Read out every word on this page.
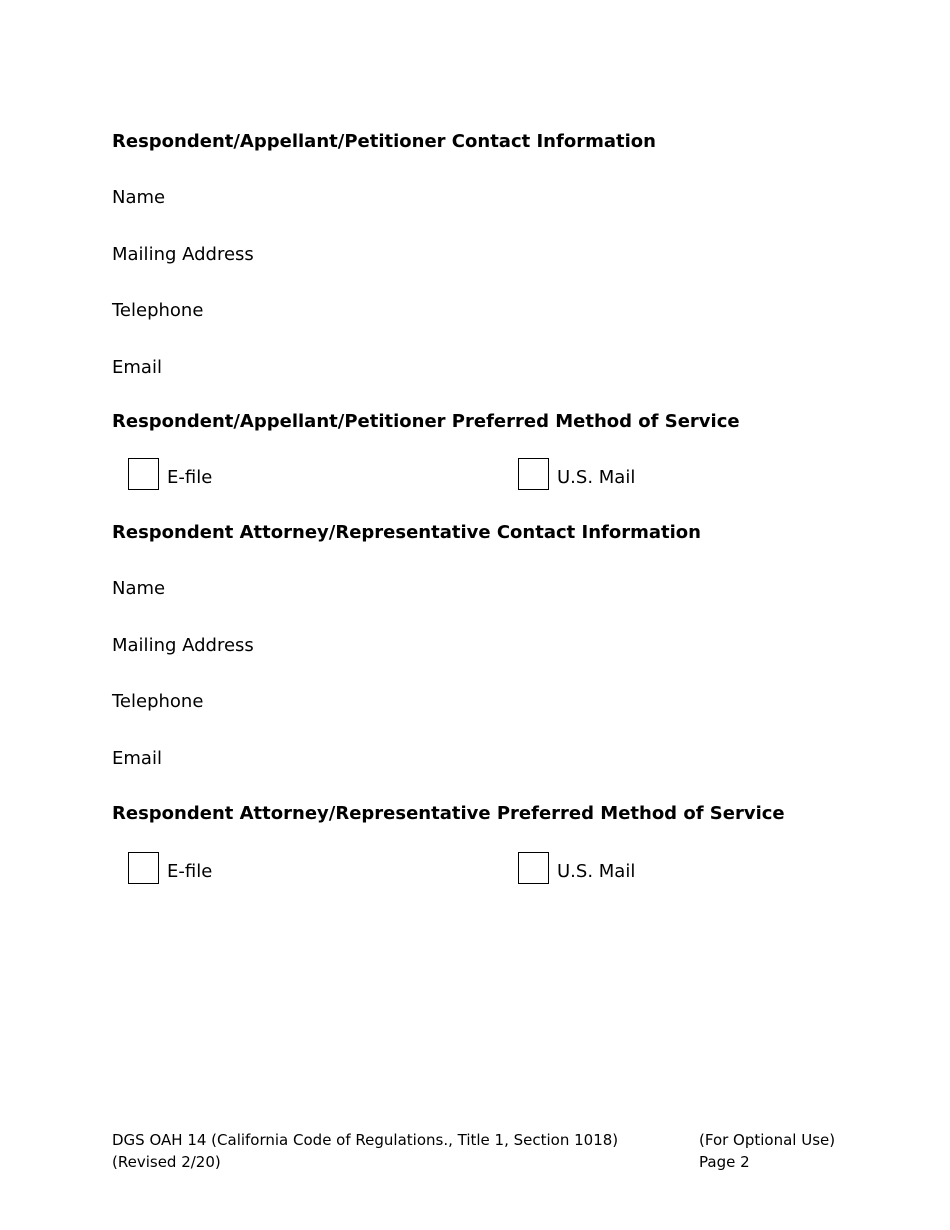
Respondent/Appellant/Petitioner Contact Information
Name
Mailing Address
Telephone
Email
Respondent/Appellant/Petitioner Preferred Method of Service
E-file	U.S. Mail
Respondent Attorney/Representative Contact Information
Name
Mailing Address
Telephone
Email
Respondent Attorney/Representative Preferred Method of Service
E-file	U.S. Mail
DGS OAH 14 (California Code of Regulations., Title 1, Section 1018)
(Revised 2/20)
(For Optional Use)
Page 2
